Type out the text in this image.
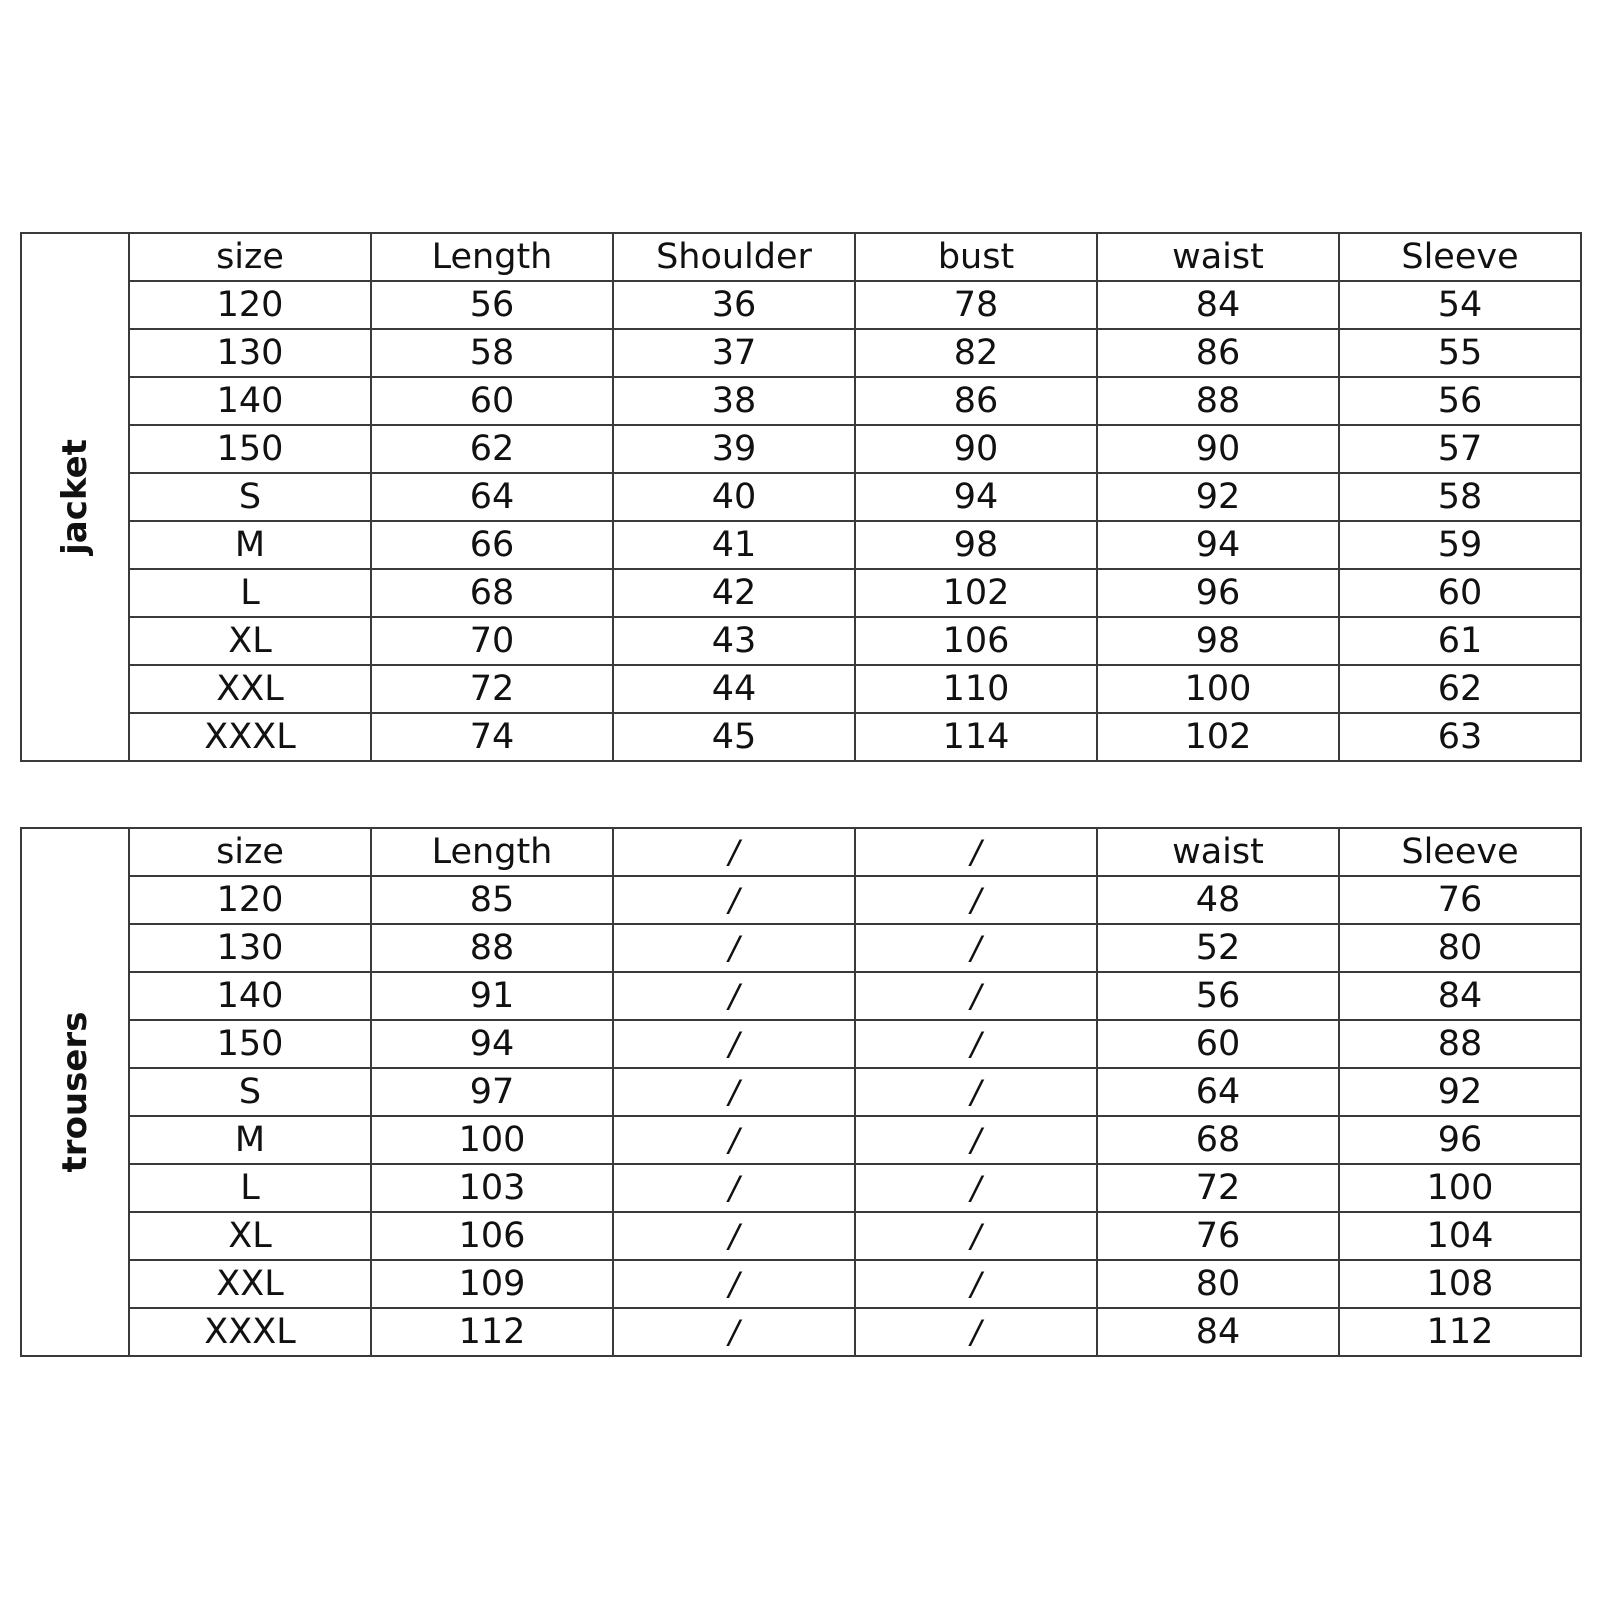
jacket	size	Length	Shoulder	bust	waist	Sleeve
	120	56	36	78	84	54
	130	58	37	82	86	55
	140	60	38	86	88	56
	150	62	39	90	90	57
	S	64	40	94	92	58
	M	66	41	98	94	59
	L	68	42	102	96	60
	XL	70	43	106	98	61
	XXL	72	44	110	100	62
	XXXL	74	45	114	102	63
trousers	size	Length	/	/	waist	Sleeve
	120	85	/	/	48	76
	130	88	/	/	52	80
	140	91	/	/	56	84
	150	94	/	/	60	88
	S	97	/	/	64	92
	M	100	/	/	68	96
	L	103	/	/	72	100
	XL	106	/	/	76	104
	XXL	109	/	/	80	108
	XXXL	112	/	/	84	112
